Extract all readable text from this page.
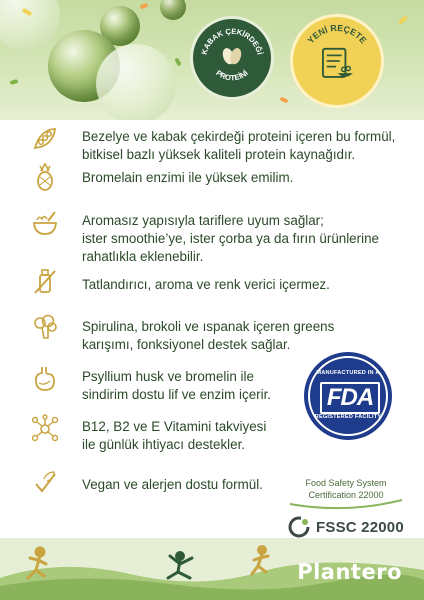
KABAK ÇEKİRDEĞİ
PROTEİNİ
YENİ REÇETE
Bezelye ve kabak çekirdeği proteini içeren bu formül,
bitkisel bazlı yüksek kaliteli protein kaynağıdır.
Bromelain enzimi ile yüksek emilim.
Aromasız yapısıyla tariflere uyum sağlar;
ister smoothie’ye, ister çorba ya da fırın ürünlerine
rahatlıkla eklenebilir.
Tatlandırıcı, aroma ve renk verici içermez.
Spirulina, brokoli ve ıspanak içeren greens
karışımı, fonksiyonel destek sağlar.
Psyllium husk ve bromelin ile
sindirim dostu lif ve enzim içerir.
B12, B2 ve E Vitamini takviyesi
ile günlük ihtiyacı destekler.
Vegan ve alerjen dostu formül.
MANUFACTURED IN A
FDA
REGISTERED FACILITY
Food Safety System
Certification 22000
FSSC 22000
Plantero
